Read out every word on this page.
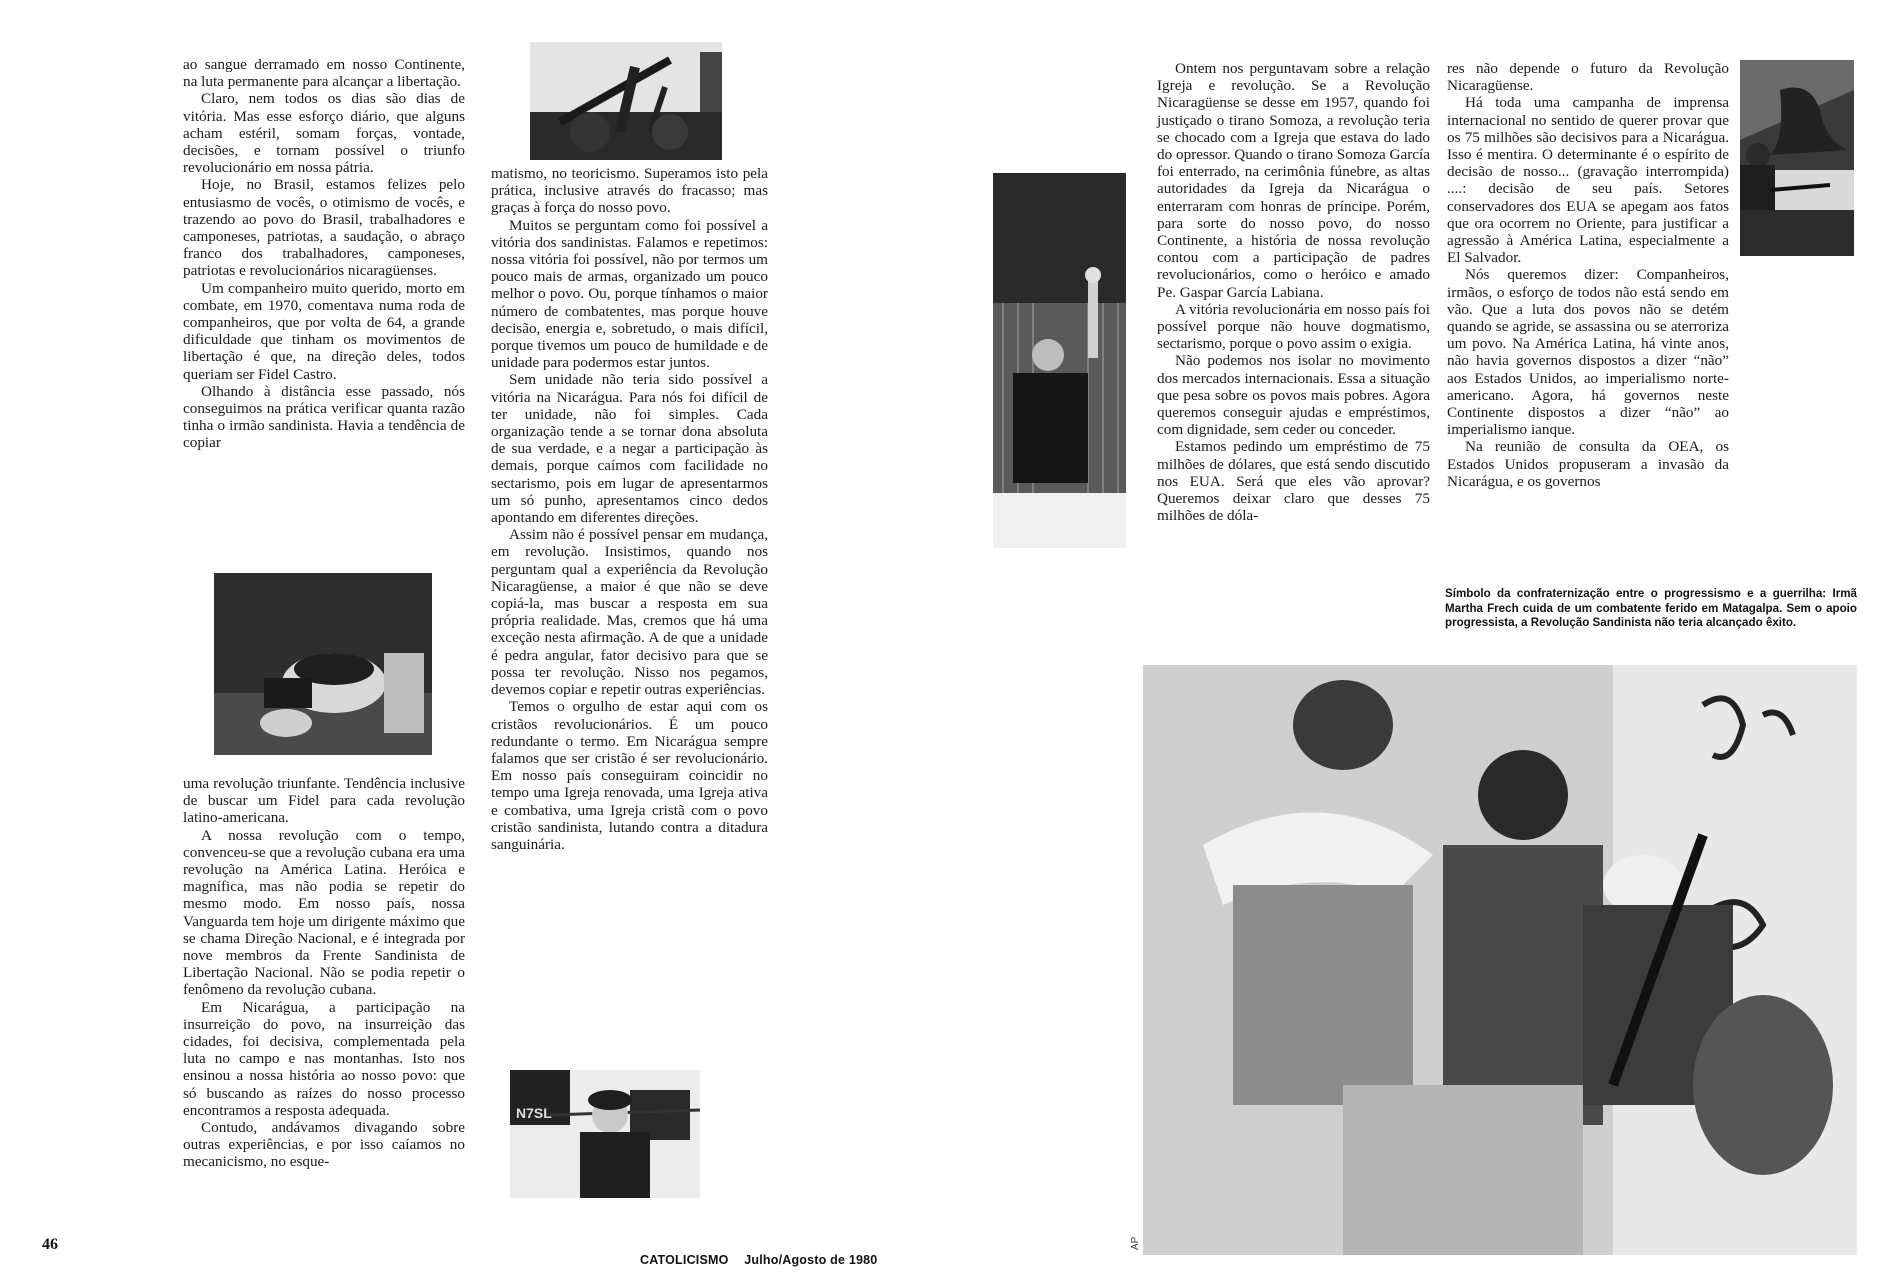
ao sangue derramado em nosso Continente, na luta permanente para alcançar a libertação.

Claro, nem todos os dias são dias de vitória. Mas esse esforço diário, que alguns acham estéril, somam forças, vontade, decisões, e tornam possível o triunfo revolucionário em nossa pátria.

Hoje, no Brasil, estamos felizes pelo entusiasmo de vocês, o otimismo de vocês, e trazendo ao povo do Brasil, trabalhadores e camponeses, patriotas, a saudação, o abraço franco dos trabalhadores, camponeses, patriotas e revolucionários nicaragüenses.

Um companheiro muito querido, morto em combate, em 1970, comentava numa roda de companheiros, que por volta de 64, a grande dificuldade que tinham os movimentos de libertação é que, na direção deles, todos queriam ser Fidel Castro.

Olhando à distância esse passado, nós conseguimos na prática verificar quanta razão tinha o irmão sandinista. Havia a tendência de copiar

uma revolução triunfante. Tendência inclusive de buscar um Fidel para cada revolução latino-americana.

A nossa revolução com o tempo, convenceu-se que a revolução cubana era uma revolução na América Latina. Heróica e magnífica, mas não podia se repetir do mesmo modo. Em nosso país, nossa Vanguarda tem hoje um dirigente máximo que se chama Direção Nacional, e é integrada por nove membros da Frente Sandinista de Libertação Nacional. Não se podia repetir o fenômeno da revolução cubana.

Em Nicarágua, a participação na insurreição do povo, na insurreição das cidades, foi decisiva, complementada pela luta no campo e nas montanhas. Isto nos ensinou a nossa história ao nosso povo: que só buscando as raízes do nosso processo encontramos a resposta adequada.

Contudo, andávamos divagando sobre outras experiências, e por isso caíamos no mecanicismo, no esque-

46

matismo, no teoricismo. Superamos isto pela prática, inclusive através do fracasso; mas graças à força do nosso povo.

Muitos se perguntam como foi possível a vitória dos sandinistas. Falamos e repetimos: nossa vitória foi possível, não por termos um pouco mais de armas, organizado um pouco melhor o povo. Ou, porque tínhamos o maior número de combatentes, mas porque houve decisão, energia e, sobretudo, o mais difícil, porque tivemos um pouco de humildade e de unidade para podermos estar juntos.

Sem unidade não teria sido possível a vitória na Nicarágua. Para nós foi difícil de ter unidade, não foi simples. Cada organização tende a se tornar dona absoluta de sua verdade, e a negar a participação às demais, porque caímos com facilidade no sectarismo, pois em lugar de apresentarmos um só punho, apresentamos cinco dedos apontando em diferentes direções.

Assim não é possível pensar em mudança, em revolução. Insistimos, quando nos perguntam qual a experiência da Revolução Nicaragüense, a maior é que não se deve copiá-la, mas buscar a resposta em sua própria realidade. Mas, cremos que há uma exceção nesta afirmação. A de que a unidade é pedra angular, fator decisivo para que se possa ter revolução. Nisso nos pegamos, devemos copiar e repetir outras experiências.

Temos o orgulho de estar aqui com os cristãos revolucionários. É um pouco redundante o termo. Em Nicarágua sempre falamos que ser cristão é ser revolucionário. Em nosso país conseguiram coincidir no tempo uma Igreja renovada, uma Igreja ativa e combativa, uma Igreja cristã com o povo cristão sandinista, lutando contra a ditadura sanguinária.

N7SL
CATOLICISMO Julho/Agosto de 1980

Ontem nos perguntavam sobre a relação Igreja e revolução. Se a Revolução Nicaragüense se desse em 1957, quando foi justiçado o tirano Somoza, a revolução teria se chocado com a Igreja que estava do lado do opressor. Quando o tirano Somoza García foi enterrado, na cerimônia fúnebre, as altas autoridades da Igreja da Nicarágua o enterraram com honras de príncipe. Porém, para sorte do nosso povo, do nosso Continente, a história de nossa revolução contou com a participação de padres revolucionários, como o heróico e amado Pe. Gaspar García Labiana.

A vitória revolucionária em nosso país foi possível porque não houve dogmatismo, sectarismo, porque o povo assim o exigia.

Não podemos nos isolar no movimento dos mercados internacionais. Essa a situação que pesa sobre os povos mais pobres. Agora queremos conseguir ajudas e empréstimos, com dignidade, sem ceder ou conceder.

Estamos pedindo um empréstimo de 75 milhões de dólares, que está sendo discutido nos EUA. Será que eles vão aprovar? Queremos deixar claro que desses 75 milhões de dóla-

res não depende o futuro da Revolução Nicaragüense.

Há toda uma campanha de imprensa internacional no sentido de querer provar que os 75 milhões são decisivos para a Nicarágua. Isso é mentira. O determinante é o espírito de decisão de nosso... (gravação interrompida) ....: decisão de seu país. Setores conservadores dos EUA se apegam aos fatos que ora ocorrem no Oriente, para justificar a agressão à América Latina, especialmente a El Salvador.

Nós queremos dizer: Companheiros, irmãos, o esforço de todos não está sendo em vão. Que a luta dos povos não se detém quando se agride, se assassina ou se aterroriza um povo. Na América Latina, há vinte anos, não havia governos dispostos a dizer “não” aos Estados Unidos, ao imperialismo norte-americano. Agora, há governos neste Continente dispostos a dizer “não” ao imperialismo ianque.

Na reunião de consulta da OEA, os Estados Unidos propuseram a invasão da Nicarágua, e os governos

Símbolo da confraternização entre o progressismo e a guerrilha: Irmã Martha Frech cuida de um combatente ferido em Matagalpa. Sem o apoio progressista, a Revolução Sandinista não teria alcançado êxito.
AP
